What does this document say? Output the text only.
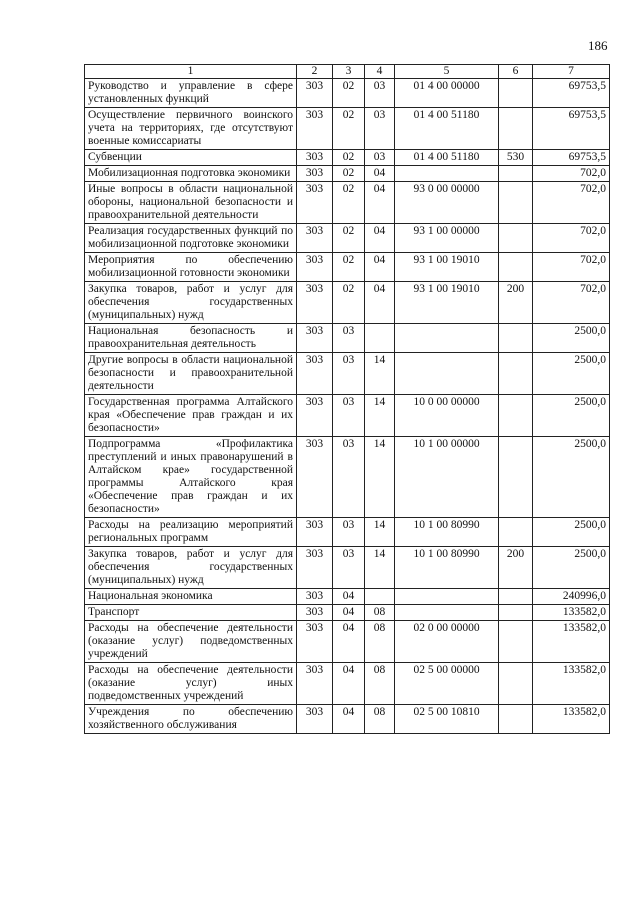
186
1	2	3	4	5	6	7
Руководство и управление в сфере установленных функций	303	02	03	01 4 00 00000		69753,5
Осуществление первичного воинского учета на территориях, где отсутствуют военные комиссариаты	303	02	03	01 4 00 51180		69753,5
Субвенции	303	02	03	01 4 00 51180	530	69753,5
Мобилизационная подготовка экономики	303	02	04			702,0
Иные вопросы в области национальной обороны, национальной безопасности и правоохранительной деятельности	303	02	04	93 0 00 00000		702,0
Реализация государственных функций по мобилизационной подготовке экономики	303	02	04	93 1 00 00000		702,0
Мероприятия по обеспечению мобилизационной готовности экономики	303	02	04	93 1 00 19010		702,0
Закупка товаров, работ и услуг для обеспечения государственных (муниципальных) нужд	303	02	04	93 1 00 19010	200	702,0
Национальная безопасность и правоохранительная деятельность	303	03				2500,0
Другие вопросы в области национальной безопасности и правоохранительной деятельности	303	03	14			2500,0
Государственная программа Алтайского края «Обеспечение прав граждан и их безопасности»	303	03	14	10 0 00 00000		2500,0
Подпрограмма «Профилактика преступлений и иных правонарушений в Алтайском крае» государственной программы Алтайского края «Обеспечение прав граждан и их безопасности»	303	03	14	10 1 00 00000		2500,0
Расходы на реализацию мероприятий региональных программ	303	03	14	10 1 00 80990		2500,0
Закупка товаров, работ и услуг для обеспечения государственных (муниципальных) нужд	303	03	14	10 1 00 80990	200	2500,0
Национальная экономика	303	04				240996,0
Транспорт	303	04	08			133582,0
Расходы на обеспечение деятельности (оказание услуг) подведомственных учреждений	303	04	08	02 0 00 00000		133582,0
Расходы на обеспечение деятельности (оказание услуг) иных подведомственных учреждений	303	04	08	02 5 00 00000		133582,0
Учреждения по обеспечению хозяйственного обслуживания	303	04	08	02 5 00 10810		133582,0
